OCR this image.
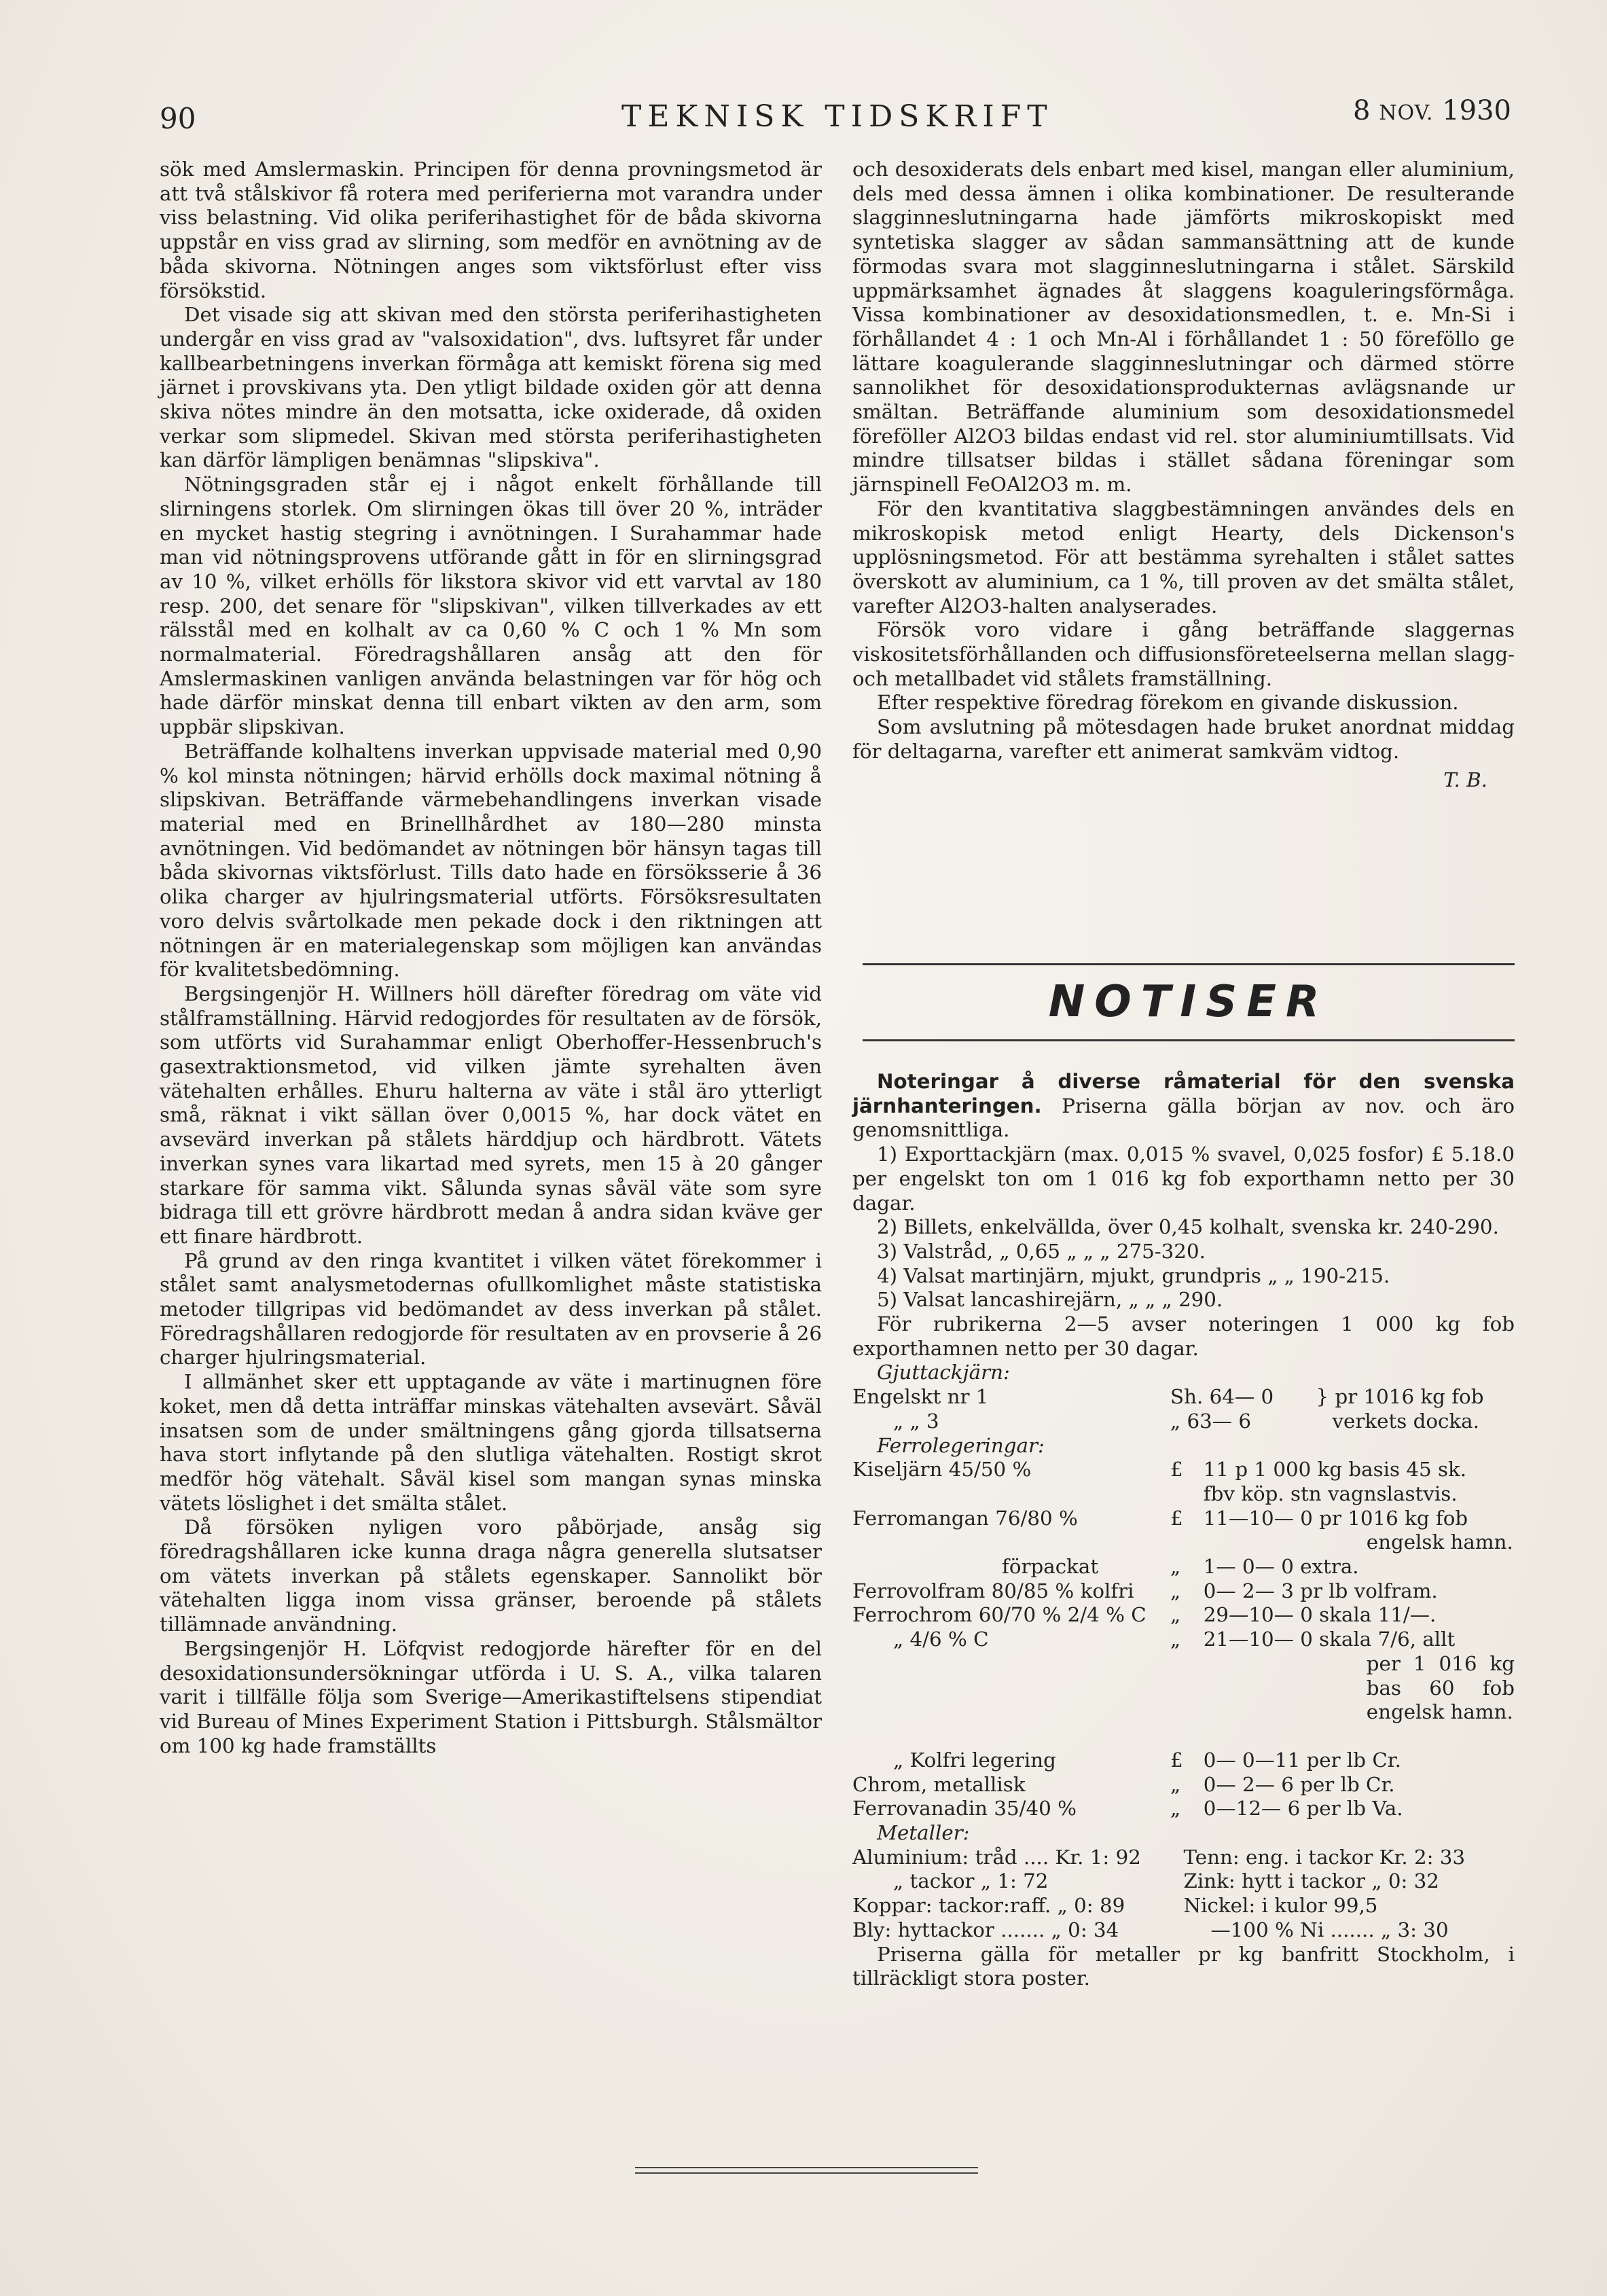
90	TEKNISK TIDSKRIFT	8 NOV. 1930

sök med Amslermaskin. Principen för denna provningsmetod är att två stålskivor få rotera med periferierna mot varandra under viss belastning. Vid olika periferihastighet för de båda skivorna uppstår en viss grad av slirning, som medför en avnötning av de båda skivorna. Nötningen anges som viktsförlust efter viss försökstid.

Det visade sig att skivan med den största periferihastigheten undergår en viss grad av "valsoxidation", dvs. luftsyret får under kallbearbetningens inverkan förmåga att kemiskt förena sig med järnet i provskivans yta. Den ytligt bildade oxiden gör att denna skiva nötes mindre än den motsatta, icke oxiderade, då oxiden verkar som slipmedel. Skivan med största periferihastigheten kan därför lämpligen benämnas "slipskiva".

Nötningsgraden står ej i något enkelt förhållande till slirningens storlek. Om slirningen ökas till över 20 %, inträder en mycket hastig stegring i avnötningen. I Surahammar hade man vid nötningsprovens utförande gått in för en slirningsgrad av 10 %, vilket erhölls för likstora skivor vid ett varvtal av 180 resp. 200, det senare för "slipskivan", vilken tillverkades av ett rälsstål med en kolhalt av ca 0,60 % C och 1 % Mn som normalmaterial. Föredragshållaren ansåg att den för Amslermaskinen vanligen använda belastningen var för hög och hade därför minskat denna till enbart vikten av den arm, som uppbär slipskivan.

Beträffande kolhaltens inverkan uppvisade material med 0,90 % kol minsta nötningen; härvid erhölls dock maximal nötning å slipskivan. Beträffande värmebehandlingens inverkan visade material med en Brinellhårdhet av 180—280 minsta avnötningen. Vid bedömandet av nötningen bör hänsyn tagas till båda skivornas viktsförlust. Tills dato hade en försöksserie å 36 olika charger av hjulringsmaterial utförts. Försöksresultaten voro delvis svårtolkade men pekade dock i den riktningen att nötningen är en materialegenskap som möjligen kan användas för kvalitetsbedömning.

Bergsingenjör H. Willners höll därefter föredrag om väte vid stålframställning. Härvid redogjordes för resultaten av de försök, som utförts vid Surahammar enligt Oberhoffer-Hessenbruch's gasextraktionsmetod, vid vilken jämte syrehalten även vätehalten erhålles. Ehuru halterna av väte i stål äro ytterligt små, räknat i vikt sällan över 0,0015 %, har dock vätet en avsevärd inverkan på stålets härddjup och härdbrott. Vätets inverkan synes vara likartad med syrets, men 15 à 20 gånger starkare för samma vikt. Sålunda synas såväl väte som syre bidraga till ett grövre härdbrott medan å andra sidan kväve ger ett finare härdbrott.

På grund av den ringa kvantitet i vilken vätet förekommer i stålet samt analysmetodernas ofullkomlighet måste statistiska metoder tillgripas vid bedömandet av dess inverkan på stålet. Föredragshållaren redogjorde för resultaten av en provserie å 26 charger hjulringsmaterial.

I allmänhet sker ett upptagande av väte i martinugnen före koket, men då detta inträffar minskas vätehalten avsevärt. Såväl insatsen som de under smältningens gång gjorda tillsatserna hava stort inflytande på den slutliga vätehalten. Rostigt skrot medför hög vätehalt. Såväl kisel som mangan synas minska vätets löslighet i det smälta stålet.

Då försöken nyligen voro påbörjade, ansåg sig föredragshållaren icke kunna draga några generella slutsatser om vätets inverkan på stålets egenskaper. Sannolikt bör vätehalten ligga inom vissa gränser, beroende på stålets tillämnade användning.

Bergsingenjör H. Löfqvist redogjorde härefter för en del desoxidationsundersökningar utförda i U. S. A., vilka talaren varit i tillfälle följa som Sverige—Amerikastiftelsens stipendiat vid Bureau of Mines Experiment Station i Pittsburgh. Stålsmältor om 100 kg hade framställts

och desoxiderats dels enbart med kisel, mangan eller aluminium, dels med dessa ämnen i olika kombinationer. De resulterande slagginneslutningarna hade jämförts mikroskopiskt med syntetiska slagger av sådan sammansättning att de kunde förmodas svara mot slagginneslutningarna i stålet. Särskild uppmärksamhet ägnades åt slaggens koaguleringsförmåga. Vissa kombinationer av desoxidationsmedlen, t. e. Mn-Si i förhållandet 4 : 1 och Mn-Al i förhållandet 1 : 50 föreföllo ge lättare koagulerande slagginneslutningar och därmed större sannolikhet för desoxidationsprodukternas avlägsnande ur smältan. Beträffande aluminium som desoxidationsmedel föreföller Al2O3 bildas endast vid rel. stor aluminiumtillsats. Vid mindre tillsatser bildas i stället sådana föreningar som järnspinell FeOAl2O3 m. m.

För den kvantitativa slaggbestämningen användes dels en mikroskopisk metod enligt Hearty, dels Dickenson's upplösningsmetod. För att bestämma syrehalten i stålet sattes överskott av aluminium, ca 1 %, till proven av det smälta stålet, varefter Al2O3-halten analyserades.

Försök voro vidare i gång beträffande slaggernas viskositetsförhållanden och diffusionsföreteelserna mellan slagg- och metallbadet vid stålets framställning.

Efter respektive föredrag förekom en givande diskussion.

Som avslutning på mötesdagen hade bruket anordnat middag för deltagarna, varefter ett animerat samkväm vidtog.

T. B.

NOTISER

Noteringar å diverse råmaterial för den svenska järnhanteringen. Priserna gälla början av nov. och äro genomsnittliga.

1) Exporttackjärn (max. 0,015 % svavel, 0,025 fosfor) £ 5.18.0 per engelskt ton om 1 016 kg fob exporthamn netto per 30 dagar.

2) Billets, enkelvällda, över 0,45 kolhalt, svenska kr. 240-290.

3) Valstråd, „ 0,65 „ „ „ 275-320.

4) Valsat martinjärn, mjukt, grundpris „ „ 190-215.

5) Valsat lancashirejärn, „ „ „ 290.

För rubrikerna 2—5 avser noteringen 1 000 kg fob exporthamnen netto per 30 dagar.

Gjuttackjärn:

Engelskt nr 1	Sh. 64— 0	} pr 1016 kg fob
„ „ 3	„ 63— 6	verkets dockа.

Ferrolegeringar:

Kiseljärn 45/50 %	£	11 p 1 000 kg basis 45 sk.
		fbv köp. stn vagnslastvis.
Ferromangan 76/80 %	£	11—10— 0 pr 1016 kg fob
		engelsk hamn.
förpackat	„	1— 0— 0 extra.
Ferrovolfram 80/85 % kolfri	„	0— 2— 3 pr lb volfram.
Ferrochrom 60/70 % 2/4 % C	„	29—10— 0 skala 11/—.
„ 4/6 % C	„	21—10— 0 skala 7/6, allt
		per 1 016 kg bas 60 fob engelsk hamn.
„ Kolfri legering	£	0— 0—11 per lb Cr.
Chrom, metallisk	„	0— 2— 6 per lb Cr.
Ferrovanadin 35/40 %	„	0—12— 6 per lb Va.

Metaller:

Aluminium: tråd .... Kr. 1: 92	Tenn: eng. i tackor Kr. 2: 33
„ tackor „ 1: 72	Zink: hytt i tackor „ 0: 32
Koppar: tackor:raff. „ 0: 89	Nickel: i kulor 99,5
Bly: hyttackor ....... „ 0: 34	—100 % Ni ....... „ 3: 30

Priserna gälla för metaller pr kg banfritt Stockholm, i tillräckligt stora poster.
